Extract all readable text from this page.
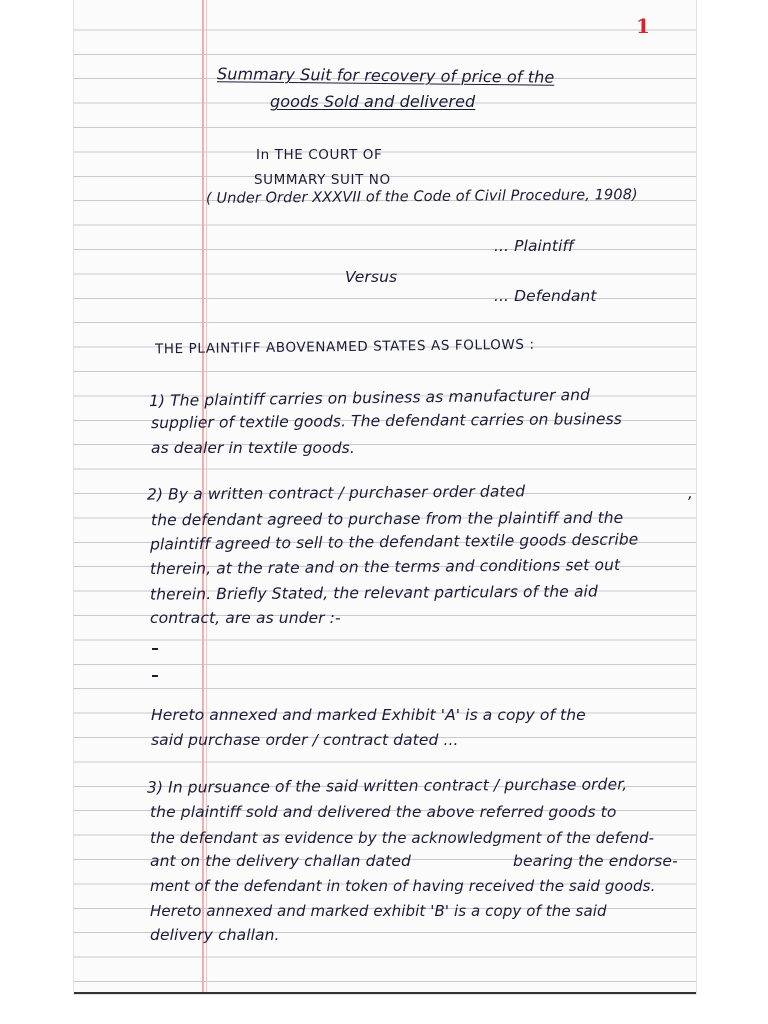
1
Summary Suit for recovery of price of the
goods Sold and delivered
In THE COURT OF
SUMMARY SUIT NO
( Under Order XXXVII of the Code of Civil Procedure, 1908)
... Plaintiff
Versus
... Defendant
THE PLAINTIFF ABOVENAMED STATES AS FOLLOWS :
1) The plaintiff carries on business as manufacturer and
supplier of textile goods. The defendant carries on business
as dealer in textile goods.
2) By a written contract / purchaser order dated	,
the defendant agreed to purchase from the plaintiff and the
plaintiff agreed to sell to the defendant textile goods describe
therein, at the rate and on the terms and conditions set out
therein. Briefly Stated, the relevant particulars of the aid
contract, are as under :-
Hereto annexed and marked Exhibit 'A' is a copy of the
said purchase order / contract dated ...
3) In pursuance of the said written contract / purchase order,
the plaintiff sold and delivered the above referred goods to
the defendant as evidence by the acknowledgment of the defend-
ant on the delivery challan dated	bearing the endorse-
ment of the defendant in token of having received the said goods.
Hereto annexed and marked exhibit 'B' is a copy of the said
delivery challan.
